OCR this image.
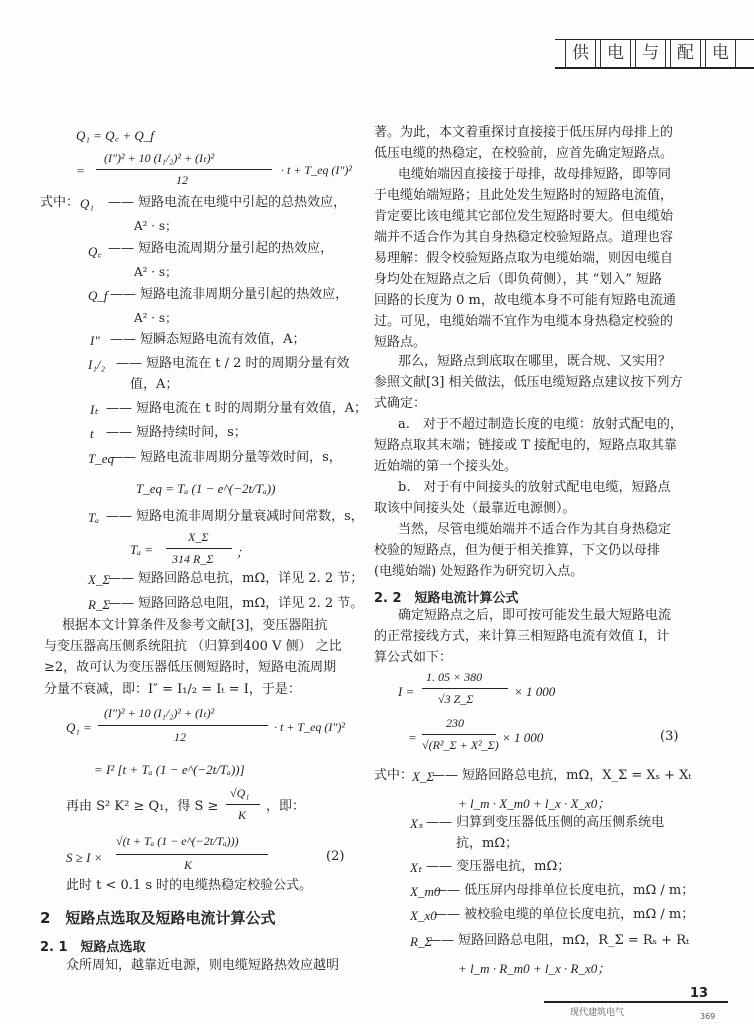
供	电	与	配	电
Q₁ = Q꜀ + Q_f
=
(I″)² + 10 (I₁/₂)² + (Iₜ)²
12
· t + T_eq (I″)²
式中： Q₁ —— 短路电流在电缆中引起的总热效应，
A² · s；
Q꜀ —— 短路电流周期分量引起的热效应，
A² · s；
Q_f —— 短路电流非周期分量引起的热效应，
A² · s；
I″ —— 短瞬态短路电流有效值，A；
I₁/₂ —— 短路电流在 t / 2 时的周期分量有效
值，A；
Iₜ —— 短路电流在 t 时的周期分量有效值，A；
t —— 短路持续时间，s；
T_eq
—— 短路电流非周期分量等效时间，s，
T_eq = Tₐ (1 − e^(−2t/Tₐ))
Tₐ —— 短路电流非周期分量衰减时间常数，s，
Tₐ =
X_Σ
314 R_Σ ；
X_Σ
—— 短路回路总电抗，mΩ，详见 2. 2 节；
R_Σ
—— 短路回路总电阻，mΩ，详见 2. 2 节。
根据本文计算条件及参考文献[3]，变压器阻抗
与变压器高压侧系统阻抗 （归算到400 V 侧） 之比
≥2，故可认为变压器低压侧短路时，短路电流周期
分量不衰减，即：I″ = I₁/₂ = Iₜ = I，于是：
Q₁ =
(I″)² + 10 (I₁/₂)² + (Iₜ)²
12
· t + T_eq (I″)²
= I² [t + Tₐ (1 − e^(−2t/Tₐ))]
再由 S² K² ≥ Q₁，得 S ≥
√Q₁
K
，即：
S ≥ I ×
√(t + Tₐ (1 − e^(−2t/Tₐ)))
K
(2)
此时 t < 0.1 s 时的电缆热稳定校验公式。
2　短路点选取及短路电流计算公式
2. 1　短路点选取
众所周知，越靠近电源，则电缆短路热效应越明
著。为此，本文着重探讨直接接于低压屏内母排上的
低压电缆的热稳定，在校验前，应首先确定短路点。
电缆始端因直接接于母排，故母排短路，即等同
于电缆始端短路；且此处发生短路时的短路电流值，
肯定要比该电缆其它部位发生短路时要大。但电缆始
端并不适合作为其自身热稳定校验短路点。道理也容
易理解：假令校验短路点取为电缆始端，则因电缆自
身均处在短路点之后（即负荷侧），其 “划入” 短路
回路的长度为 0 m，故电缆本身不可能有短路电流通
过。可见，电缆始端不宜作为电缆本身热稳定校验的
短路点。
那么，短路点到底取在哪里，既合规、又实用？
参照文献[3] 相关做法，低压电缆短路点建议按下列方
式确定：
a.　对于不超过制造长度的电缆：放射式配电的，
短路点取其末端；链接或 T 接配电的，短路点取其靠
近始端的第一个接头处。
b.　对于有中间接头的放射式配电电缆，短路点
取该中间接头处（最靠近电源侧）。
当然，尽管电缆始端并不适合作为其自身热稳定
校验的短路点，但为便于相关推算，下文仍以母排
(电缆始端) 处短路作为研究切入点。
2. 2　短路电流计算公式
确定短路点之后，即可按可能发生最大短路电流
的正常接线方式，来计算三相短路电流有效值 I，计
算公式如下：
I =
1. 05 × 380
√3 Z_Σ	× 1 000
=
230
√(R²_Σ + X²_Σ) × 1 000	(3)
式中：
X_Σ
—— 短路回路总电抗，mΩ，X_Σ = Xₛ + Xₜ
+ l_m · X_m0 + l_x · X_x0；
Xₛ —— 归算到变压器低压侧的高压侧系统电
抗，mΩ；
Xₜ —— 变压器电抗，mΩ；
X_m0
—— 低压屏内母排单位长度电抗，mΩ / m；
X_x0
—— 被校验电缆的单位长度电抗，mΩ / m；
R_Σ
—— 短路回路总电阻，mΩ，R_Σ = Rₛ + Rₜ
+ l_m · R_m0 + l_x · R_x0；
13
现代建筑电气	369
